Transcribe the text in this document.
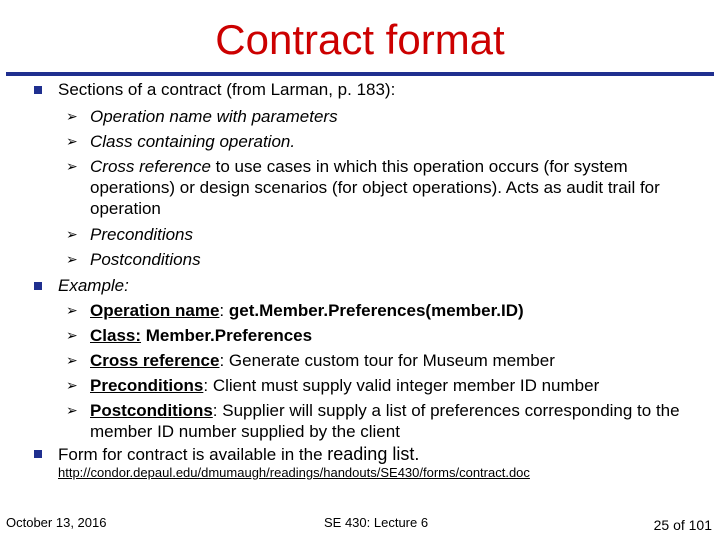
Contract format
Sections of a contract (from Larman, p. 183):
➢ Operation name with parameters
➢ Class containing operation.
➢ Cross reference to use cases in which this operation occurs (for system operations) or design scenarios (for object operations). Acts as audit trail for operation
➢ Preconditions
➢ Postconditions
Example:
➢ Operation name: get.Member.Preferences(member.ID)
➢ Class: Member.Preferences
➢ Cross reference: Generate custom tour for Museum member
➢ Preconditions: Client must supply valid integer member ID number
➢ Postconditions: Supplier will supply a list of preferences corresponding to the member ID number supplied by the client
Form for contract is available in the reading list.
http://condor.depaul.edu/dmumaugh/readings/handouts/SE430/forms/contract.doc
October 13, 2016	SE 430: Lecture 6	25 of 101
